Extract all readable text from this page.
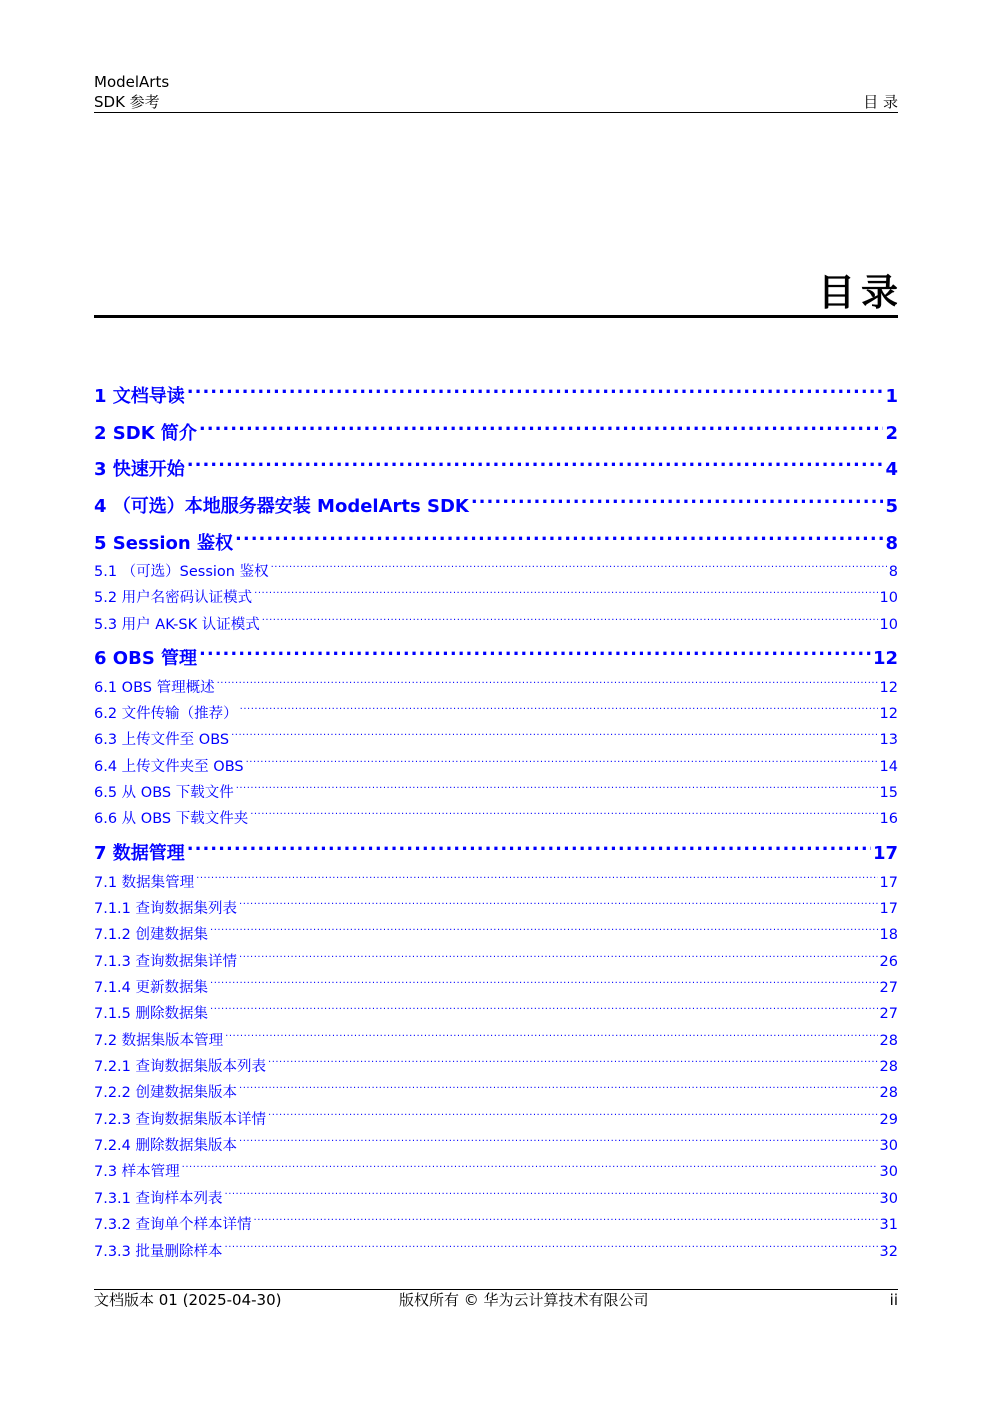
ModelArts
SDK 参考	目 录
目录
1 文档导读 .....	1
2 SDK 简介 .....	2
3 快速开始 .....	4
4 （可选）本地服务器安装 ModelArts SDK .....	5
5 Session 鉴权 .....	8
5.1 （可选）Session 鉴权 .....	8
5.2 用户名密码认证模式 .....	10
5.3 用户 AK-SK 认证模式 .....	10
6 OBS 管理 .....	12
6.1 OBS 管理概述 .....	12
6.2 文件传输（推荐） .....	12
6.3 上传文件至 OBS .....	13
6.4 上传文件夹至 OBS .....	14
6.5 从 OBS 下载文件 .....	15
6.6 从 OBS 下载文件夹 .....	16
7 数据管理 .....	17
7.1 数据集管理 .....	17
7.1.1 查询数据集列表 .....	17
7.1.2 创建数据集 .....	18
7.1.3 查询数据集详情 .....	26
7.1.4 更新数据集 .....	27
7.1.5 删除数据集 .....	27
7.2 数据集版本管理 .....	28
7.2.1 查询数据集版本列表 .....	28
7.2.2 创建数据集版本 .....	28
7.2.3 查询数据集版本详情 .....	29
7.2.4 删除数据集版本 .....	30
7.3 样本管理 .....	30
7.3.1 查询样本列表 .....	30
7.3.2 查询单个样本详情 .....	31
7.3.3 批量删除样本 .....	32
文档版本 01 (2025-04-30)	版权所有 © 华为云计算技术有限公司	ii
